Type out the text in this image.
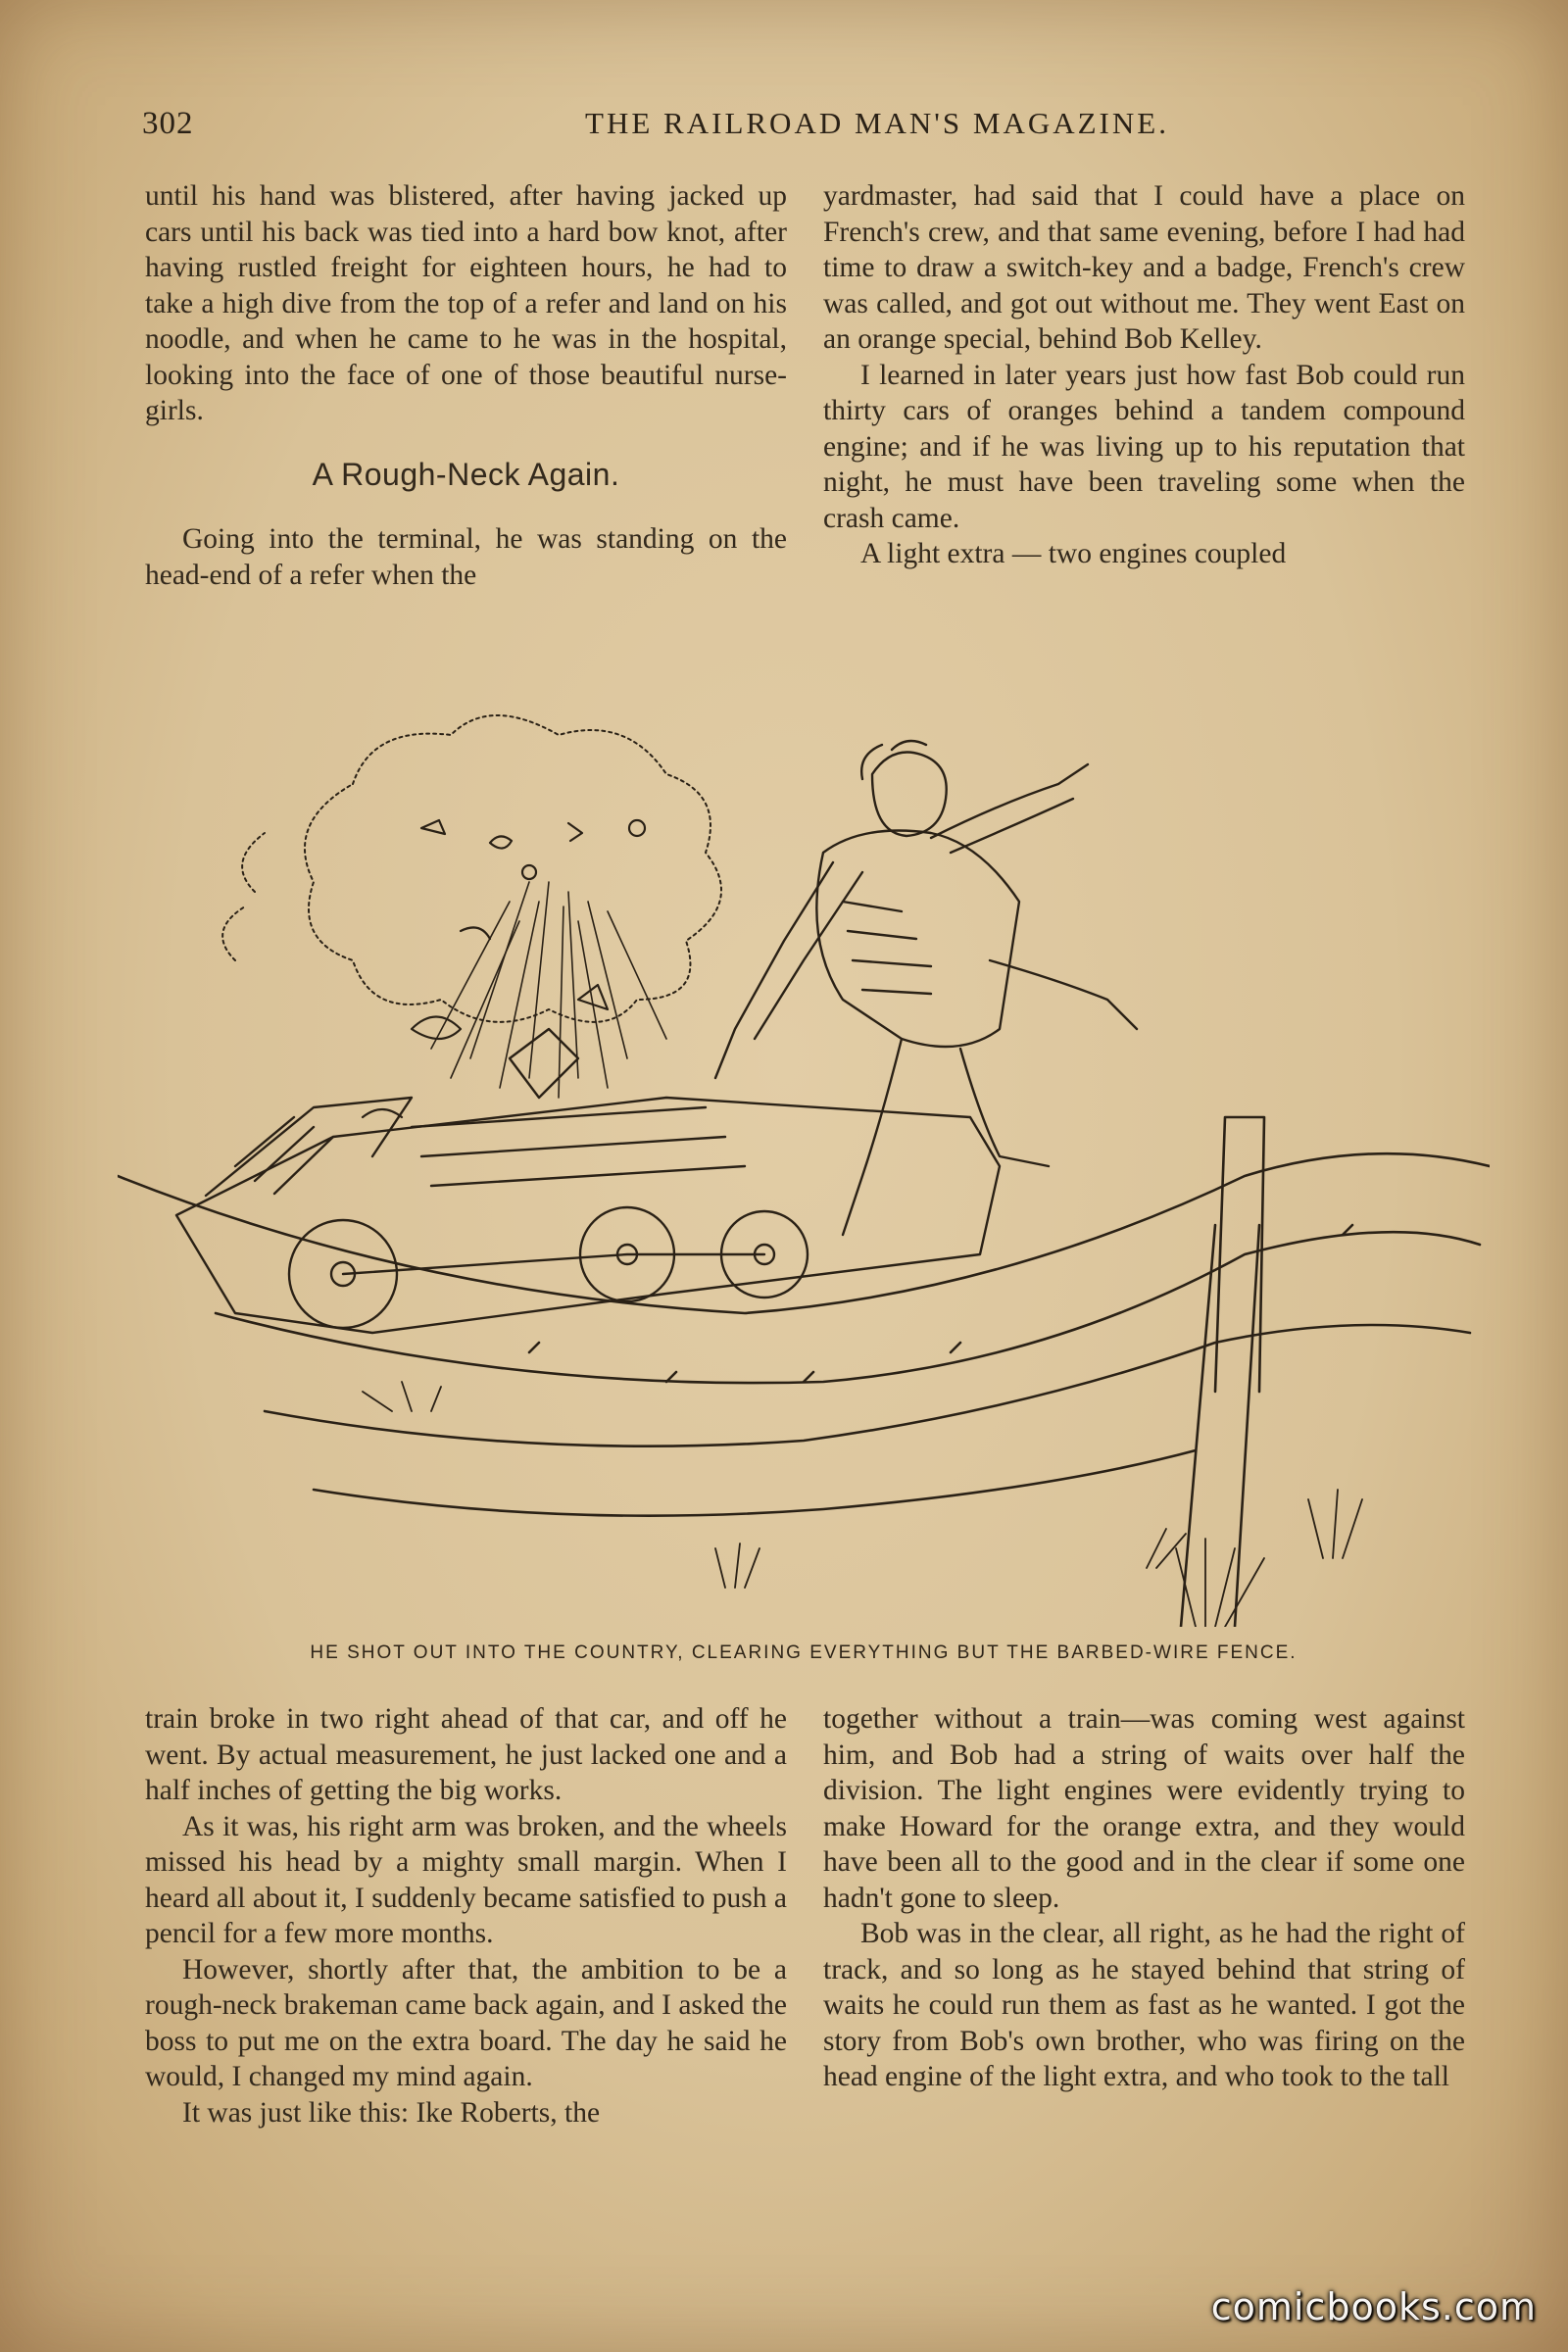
302	THE RAILROAD MAN'S MAGAZINE.

until his hand was blistered, after having jacked up cars until his back was tied into a hard bow knot, after having rustled freight for eighteen hours, he had to take a high dive from the top of a refer and land on his noodle, and when he came to he was in the hospital, looking into the face of one of those beautiful nurse-girls.

A Rough-Neck Again.

Going into the terminal, he was standing on the head-end of a refer when the

yardmaster, had said that I could have a place on French's crew, and that same evening, before I had had time to draw a switch-key and a badge, French's crew was called, and got out without me. They went East on an orange special, behind Bob Kelley.

I learned in later years just how fast Bob could run thirty cars of oranges behind a tandem compound engine; and if he was living up to his reputation that night, he must have been traveling some when the crash came.

A light extra — two engines coupled

HE SHOT OUT INTO THE COUNTRY, CLEARING EVERYTHING BUT THE BARBED-WIRE FENCE.

train broke in two right ahead of that car, and off he went. By actual measurement, he just lacked one and a half inches of getting the big works.

As it was, his right arm was broken, and the wheels missed his head by a mighty small margin. When I heard all about it, I suddenly became satisfied to push a pencil for a few more months.

However, shortly after that, the ambition to be a rough-neck brakeman came back again, and I asked the boss to put me on the extra board. The day he said he would, I changed my mind again.

It was just like this: Ike Roberts, the

together without a train—was coming west against him, and Bob had a string of waits over half the division. The light engines were evidently trying to make Howard for the orange extra, and they would have been all to the good and in the clear if some one hadn't gone to sleep.

Bob was in the clear, all right, as he had the right of track, and so long as he stayed behind that string of waits he could run them as fast as he wanted. I got the story from Bob's own brother, who was firing on the head engine of the light extra, and who took to the tall

comicbooks.com
